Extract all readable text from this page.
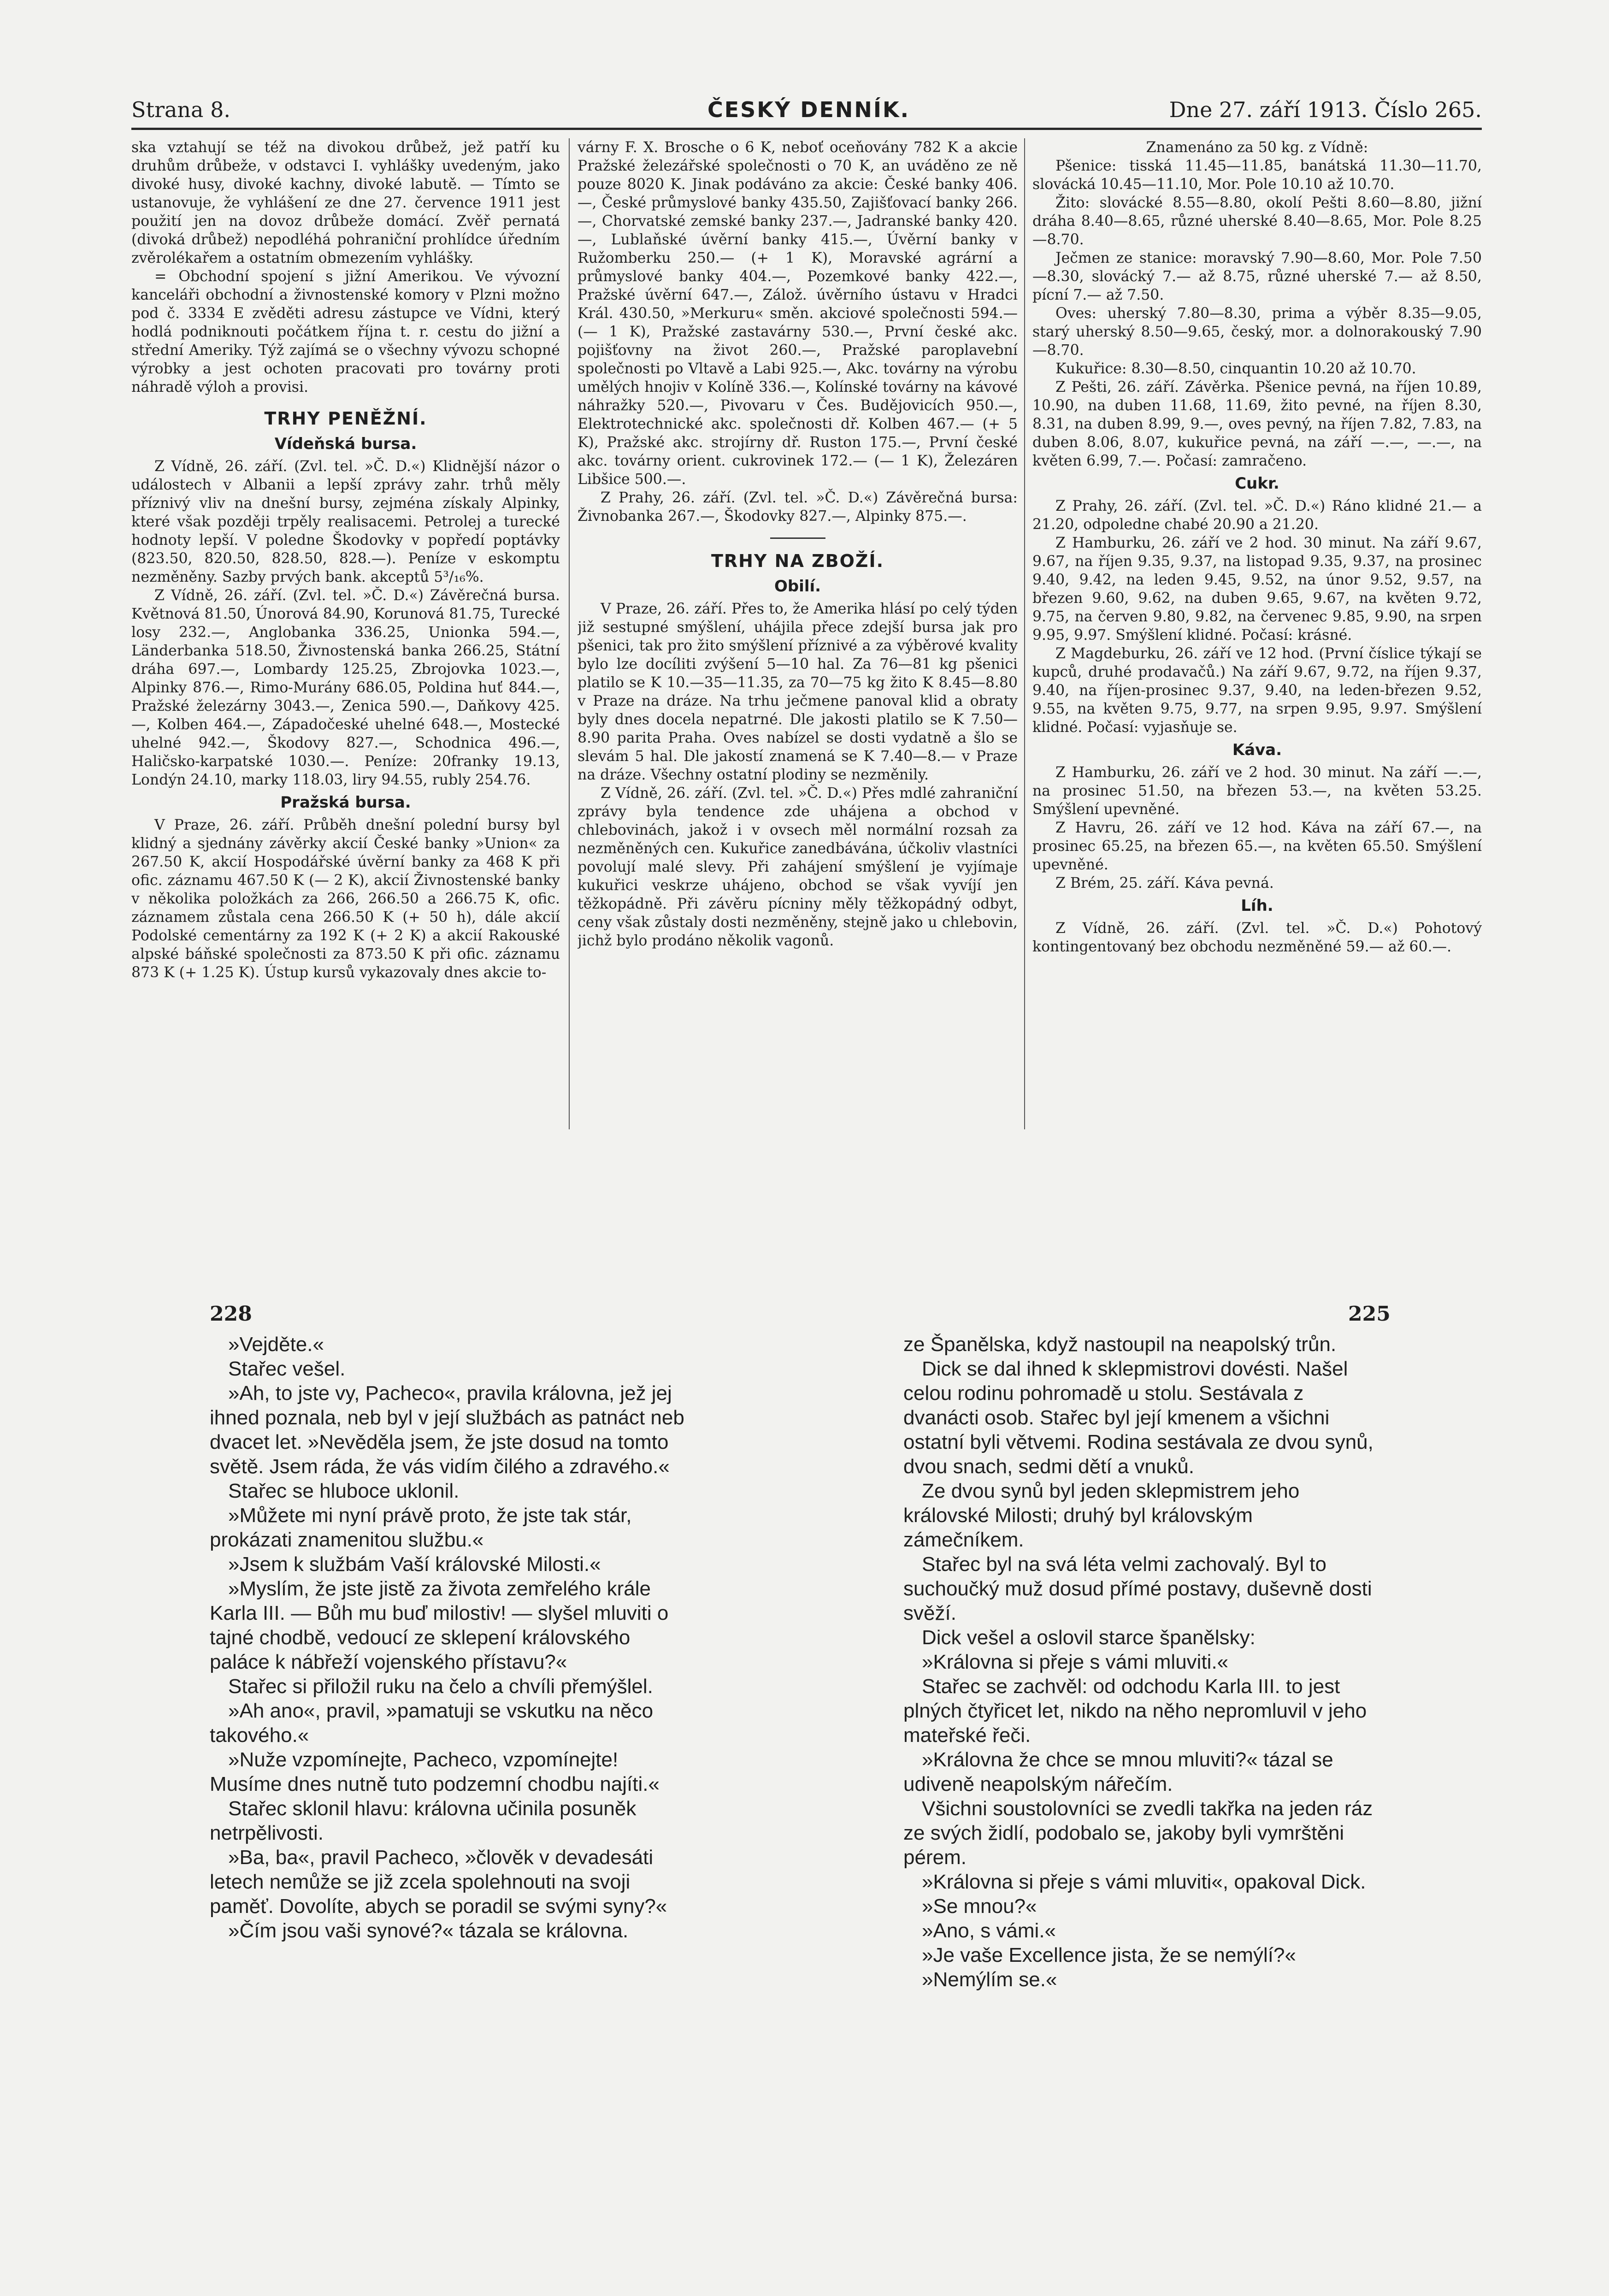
Strana 8.	ČESKÝ DENNÍK.	Dne 27. září 1913. Číslo 265.

ska vztahují se též na divokou drůbež, jež patří ku druhům drůbeže, v odstavci I. vyhlášky uvedeným, jako divoké husy, divoké kachny, divoké labutě. — Tímto se ustanovuje, že vyhlášení ze dne 27. července 1911 jest použití jen na dovoz drůbeže domácí. Zvěř pernatá (divoká drůbež) nepodléhá pohraniční prohlídce úředním zvěrolékařem a ostatním obmezením vyhlášky.

= Obchodní spojení s jižní Amerikou. Ve vývozní kanceláři obchodní a živnostenské komory v Plzni možno pod č. 3334 E zvěděti adresu zástupce ve Vídni, který hodlá podniknouti počátkem října t. r. cestu do jižní a střední Ameriky. Týž zajímá se o všechny vývozu schopné výrobky a jest ochoten pracovati pro továrny proti náhradě výloh a provisi.

TRHY PENĚŽNÍ.
Vídeňská bursa.

Z Vídně, 26. září. (Zvl. tel. »Č. D.«) Klidnější názor o událostech v Albanii a lepší zprávy zahr. trhů měly příznivý vliv na dnešní bursy, zejména získaly Alpinky, které však později trpěly realisacemi. Petrolej a turecké hodnoty lepší. V poledne Škodovky v popředí poptávky (823.50, 820.50, 828.50, 828.—). Peníze v eskomptu nezměněny. Sazby prvých bank. akceptů 5³/₁₆%.

Z Vídně, 26. září. (Zvl. tel. »Č. D.«) Závěrečná bursa. Květnová 81.50, Únorová 84.90, Korunová 81.75, Turecké losy 232.—, Anglobanka 336.25, Unionka 594.—, Länderbanka 518.50, Živnostenská banka 266.25, Státní dráha 697.—, Lombardy 125.25, Zbrojovka 1023.—, Alpinky 876.—, Rimo-Murány 686.05, Poldina huť 844.—, Pražské železárny 3043.—, Zenica 590.—, Daňkovy 425.—, Kolben 464.—, Západočeské uhelné 648.—, Mostecké uhelné 942.—, Škodovy 827.—, Schodnica 496.—, Haličsko-karpatské 1030.—. Peníze: 20franky 19.13, Londýn 24.10, marky 118.03, liry 94.55, rubly 254.76.

Pražská bursa.

V Praze, 26. září. Průběh dnešní polední bursy byl klidný a sjednány závěrky akcií České banky »Union« za 267.50 K, akcií Hospodářské úvěrní banky za 468 K při ofic. záznamu 467.50 K (— 2 K), akcií Živnostenské banky v několika položkách za 266, 266.50 a 266.75 K, ofic. záznamem zůstala cena 266.50 K (+ 50 h), dále akcií Podolské cementárny za 192 K (+ 2 K) a akcií Rakouské alpské báňské společnosti za 873.50 K při ofic. záznamu 873 K (+ 1.25 K). Ústup kursů vykazovaly dnes akcie to-

várny F. X. Brosche o 6 K, neboť oceňovány 782 K a akcie Pražské železářské společnosti o 70 K, an uváděno ze ně pouze 8020 K. Jinak podáváno za akcie: České banky 406.—, České průmyslové banky 435.50, Zajišťovací banky 266.—, Chorvatské zemské banky 237.—, Jadranské banky 420.—, Lublaňské úvěrní banky 415.—, Úvěrní banky v Ružomberku 250.— (+ 1 K), Moravské agrární a průmyslové banky 404.—, Pozemkové banky 422.—, Pražské úvěrní 647.—, Zálož. úvěrního ústavu v Hradci Král. 430.50, »Merkuru« směn. akciové společnosti 594.— (— 1 K), Pražské zastavárny 530.—, První české akc. pojišťovny na život 260.—, Pražské paroplavební společnosti po Vltavě a Labi 925.—, Akc. továrny na výrobu umělých hnojiv v Kolíně 336.—, Kolínské továrny na kávové náhražky 520.—, Pivovaru v Čes. Budějovicích 950.—, Elektrotechnické akc. společnosti dř. Kolben 467.— (+ 5 K), Pražské akc. strojírny dř. Ruston 175.—, První české akc. továrny orient. cukrovinek 172.— (— 1 K), Železáren Libšice 500.—.

Z Prahy, 26. září. (Zvl. tel. »Č. D.«) Závěrečná bursa: Živnobanka 267.—, Škodovky 827.—, Alpinky 875.—.

TRHY NA ZBOŽÍ.
Obilí.

V Praze, 26. září. Přes to, že Amerika hlásí po celý týden již sestupné smýšlení, uhájila přece zdejší bursa jak pro pšenici, tak pro žito smýšlení příznivé a za výběrové kvality bylo lze docíliti zvýšení 5—10 hal. Za 76—81 kg pšenici platilo se K 10.—35—11.35, za 70—75 kg žito K 8.45—8.80 v Praze na dráze. Na trhu ječmene panoval klid a obraty byly dnes docela nepatrné. Dle jakosti platilo se K 7.50—8.90 parita Praha. Oves nabízel se dosti vydatně a šlo se slevám 5 hal. Dle jakostí znamená se K 7.40—8.— v Praze na dráze. Všechny ostatní plodiny se nezměnily.

Z Vídně, 26. září. (Zvl. tel. »Č. D.«) Přes mdlé zahraniční zprávy byla tendence zde uhájena a obchod v chlebovinách, jakož i v ovsech měl normální rozsah za nezměněných cen. Kukuřice zanedbávána, účkoliv vlastníci povolují malé slevy. Při zahájení smýšlení je vyjímaje kukuřici veskrze uhájeno, obchod se však vyvíjí jen těžkopádně. Při závěru pícniny měly těžkopádný odbyt, ceny však zůstaly dosti nezměněny, stejně jako u chlebovin, jichž bylo prodáno několik vagonů.

Znamenáno za 50 kg. z Vídně:

Pšenice: tisská 11.45—11.85, banátská 11.30—11.70, slovácká 10.45—11.10, Mor. Pole 10.10 až 10.70.

Žito: slovácké 8.55—8.80, okolí Pešti 8.60—8.80, jižní dráha 8.40—8.65, různé uherské 8.40—8.65, Mor. Pole 8.25—8.70.

Ječmen ze stanice: moravský 7.90—8.60, Mor. Pole 7.50—8.30, slovácký 7.— až 8.75, různé uherské 7.— až 8.50, pícní 7.— až 7.50.

Oves: uherský 7.80—8.30, prima a výběr 8.35—9.05, starý uherský 8.50—9.65, český, mor. a dolnorakouský 7.90—8.70.

Kukuřice: 8.30—8.50, cinquantin 10.20 až 10.70.

Z Pešti, 26. září. Závěrka. Pšenice pevná, na říjen 10.89, 10.90, na duben 11.68, 11.69, žito pevné, na říjen 8.30, 8.31, na duben 8.99, 9.—, oves pevný, na říjen 7.82, 7.83, na duben 8.06, 8.07, kukuřice pevná, na září —.—, —.—, na květen 6.99, 7.—. Počasí: zamračeno.

Cukr.

Z Prahy, 26. září. (Zvl. tel. »Č. D.«) Ráno klidné 21.— a 21.20, odpoledne chabé 20.90 a 21.20.

Z Hamburku, 26. září ve 2 hod. 30 minut. Na září 9.67, 9.67, na říjen 9.35, 9.37, na listopad 9.35, 9.37, na prosinec 9.40, 9.42, na leden 9.45, 9.52, na únor 9.52, 9.57, na březen 9.60, 9.62, na duben 9.65, 9.67, na květen 9.72, 9.75, na červen 9.80, 9.82, na červenec 9.85, 9.90, na srpen 9.95, 9.97. Smýšlení klidné. Počasí: krásné.

Z Magdeburku, 26. září ve 12 hod. (První číslice týkají se kupců, druhé prodavačů.) Na září 9.67, 9.72, na říjen 9.37, 9.40, na říjen-prosinec 9.37, 9.40, na leden-březen 9.52, 9.55, na květen 9.75, 9.77, na srpen 9.95, 9.97. Smýšlení klidné. Počasí: vyjasňuje se.

Káva.

Z Hamburku, 26. září ve 2 hod. 30 minut. Na září —.—, na prosinec 51.50, na březen 53.—, na květen 53.25. Smýšlení upevněné.

Z Havru, 26. září ve 12 hod. Káva na září 67.—, na prosinec 65.25, na březen 65.—, na květen 65.50. Smýšlení upevněné.

Z Brém, 25. září. Káva pevná.

Líh.

Z Vídně, 26. září. (Zvl. tel. »Č. D.«) Pohotový kontingentovaný bez obchodu nezměněné 59.— až 60.—.

228	225

»Vejděte.«

Stařec vešel.

»Ah, to jste vy, Pacheco«, pravila královna, jež jej ihned poznala, neb byl v její službách as patnáct neb dvacet let. »Nevěděla jsem, že jste dosud na tomto světě. Jsem ráda, že vás vidím čilého a zdravého.«

Stařec se hluboce uklonil.

»Můžete mi nyní právě proto, že jste tak stár, prokázati znamenitou službu.«

»Jsem k službám Vaší královské Milosti.«

»Myslím, že jste jistě za života zemřelého krále Karla III. — Bůh mu buď milostiv! — slyšel mluviti o tajné chodbě, vedoucí ze sklepení královského paláce k nábřeží vojenského přístavu?«

Stařec si přiložil ruku na čelo a chvíli přemýšlel.

»Ah ano«, pravil, »pamatuji se vskutku na něco takového.«

»Nuže vzpomínejte, Pacheco, vzpomínejte! Musíme dnes nutně tuto podzemní chodbu najíti.«

Stařec sklonil hlavu: královna učinila posuněk netrpělivosti.

»Ba, ba«, pravil Pacheco, »člověk v devadesáti letech nemůže se již zcela spolehnouti na svoji paměť. Dovolíte, abych se poradil se svými syny?«

»Čím jsou vaši synové?« tázala se královna.

ze Španělska, když nastoupil na neapolský trůn.

Dick se dal ihned k sklepmistrovi dovésti. Našel celou rodinu pohromadě u stolu. Sestávala z dvanácti osob. Stařec byl její kmenem a všichni ostatní byli větvemi. Rodina sestávala ze dvou synů, dvou snach, sedmi dětí a vnuků.

Ze dvou synů byl jeden sklepmistrem jeho královské Milosti; druhý byl královským zámečníkem.

Stařec byl na svá léta velmi zachovalý. Byl to suchoučký muž dosud přímé postavy, duševně dosti svěží.

Dick vešel a oslovil starce španělsky:

»Královna si přeje s vámi mluviti.«

Stařec se zachvěl: od odchodu Karla III. to jest plných čtyřicet let, nikdo na něho nepromluvil v jeho mateřské řeči.

»Královna že chce se mnou mluviti?« tázal se udiveně neapolským nářečím.

Všichni soustolovníci se zvedli takřka na jeden ráz ze svých židlí, podobalo se, jakoby byli vymrštěni pérem.

»Královna si přeje s vámi mluviti«, opakoval Dick.

»Se mnou?«

»Ano, s vámi.«

»Je vaše Excellence jista, že se nemýlí?«

»Nemýlím se.«
